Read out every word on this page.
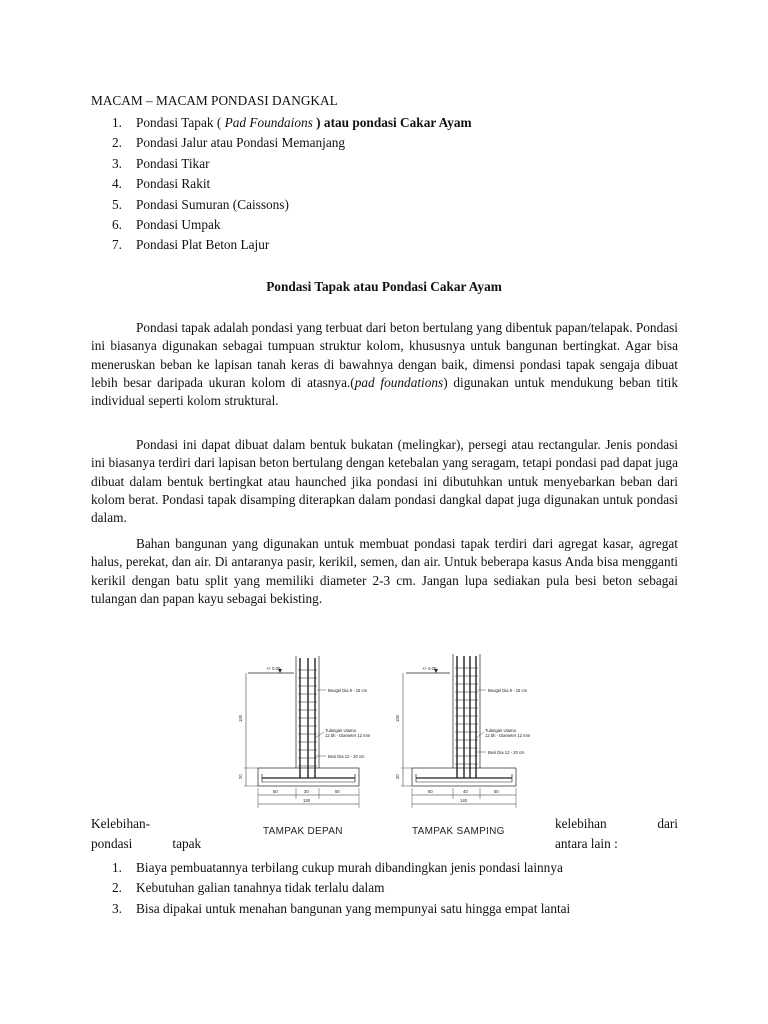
MACAM – MACAM PONDASI DANGKAL
1. Pondasi Tapak ( Pad Foundaions ) atau pondasi Cakar Ayam
2. Pondasi Jalur atau Pondasi Memanjang
3. Pondasi Tikar
4. Pondasi Rakit
5. Pondasi Sumuran (Caissons)
6. Pondasi Umpak
7. Pondasi Plat Beton Lajur
Pondasi Tapak atau Pondasi Cakar Ayam

Pondasi tapak adalah pondasi yang terbuat dari beton bertulang yang dibentuk papan/telapak. Pondasi ini biasanya digunakan sebagai tumpuan struktur kolom, khususnya untuk bangunan bertingkat. Agar bisa meneruskan beban ke lapisan tanah keras di bawahnya dengan baik, dimensi pondasi tapak sengaja dibuat lebih besar daripada ukuran kolom di atasnya.(pad foundations) digunakan untuk mendukung beban titik individual seperti kolom struktural.

Pondasi ini dapat dibuat dalam bentuk bukatan (melingkar), persegi atau rectangular. Jenis pondasi ini biasanya terdiri dari lapisan beton bertulang dengan ketebalan yang seragam, tetapi pondasi pad dapat juga dibuat dalam bentuk bertingkat atau haunched jika pondasi ini dibutuhkan untuk menyebarkan beban dari kolom berat. Pondasi tapak disamping diterapkan dalam pondasi dangkal dapat juga digunakan untuk pondasi dalam.

Bahan bangunan yang digunakan untuk membuat pondasi tapak terdiri dari agregat kasar, agregat halus, perekat, dan air. Di antaranya pasir, kerikil, semen, dan air. Untuk beberapa kasus Anda bisa mengganti kerikil dengan batu split yang memiliki diameter 2-3 cm. Jangan lupa sediakan pula besi beton sebagai tulangan dan papan kayu sebagai bekisting.

+/- 0.00
Beugel Dia 8 - 15 cm
Tulangan Utama
12 bh - Diameter 12 mm
Besi Dia 12 - 20 cm
100
20
50	30	50
130
+/- 0.00
Beugel Dia 8 - 15 cm
Tulangan Utama
12 bh - Diameter 12 mm
Besi Dia 12 - 20 cm
100
20
50	40	50
140
TAMPAK DEPAN	TAMPAK SAMPING
Kelebihan-
pondasi	tapak
kelebihan	dari
antara lain :
1. Biaya pembuatannya terbilang cukup murah dibandingkan jenis pondasi lainnya
2. Kebutuhan galian tanahnya tidak terlalu dalam
3. Bisa dipakai untuk menahan bangunan yang mempunyai satu hingga empat lantai
